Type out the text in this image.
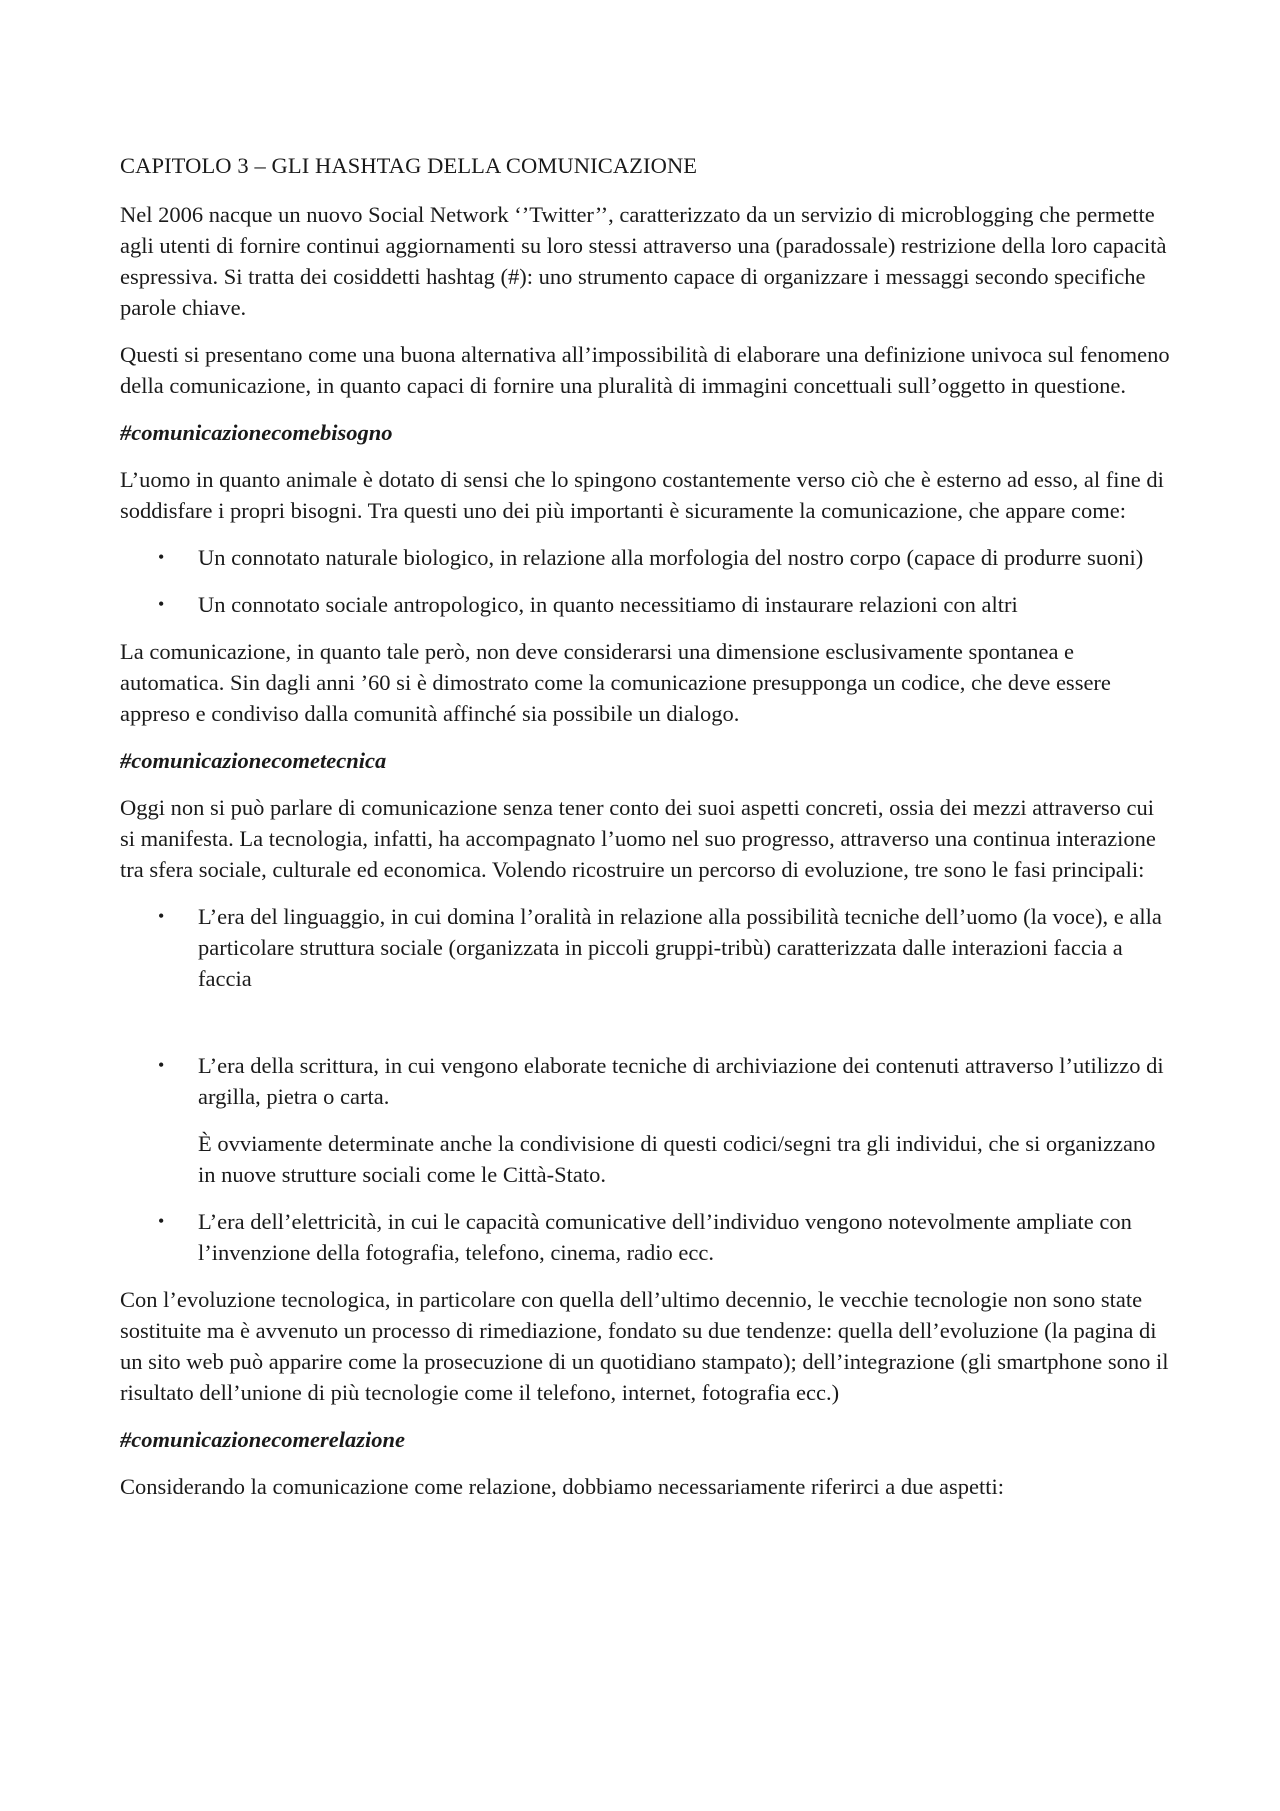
CAPITOLO 3 – GLI HASHTAG DELLA COMUNICAZIONE

Nel 2006 nacque un nuovo Social Network ‘’Twitter’’, caratterizzato da un servizio di microblogging che permette agli utenti di fornire continui aggiornamenti su loro stessi attraverso una (paradossale) restrizione della loro capacità espressiva. Si tratta dei cosiddetti hashtag (#): uno strumento capace di organizzare i messaggi secondo specifiche parole chiave.

Questi si presentano come una buona alternativa all’impossibilità di elaborare una definizione univoca sul fenomeno della comunicazione, in quanto capaci di fornire una pluralità di immagini concettuali sull’oggetto in questione.

#comunicazionecomebisogno

L’uomo in quanto animale è dotato di sensi che lo spingono costantemente verso ciò che è esterno ad esso, al fine di soddisfare i propri bisogni. Tra questi uno dei più importanti è sicuramente la comunicazione, che appare come:

• Un connotato naturale biologico, in relazione alla morfologia del nostro corpo (capace di produrre suoni)
• Un connotato sociale antropologico, in quanto necessitiamo di instaurare relazioni con altri

La comunicazione, in quanto tale però, non deve considerarsi una dimensione esclusivamente spontanea e automatica. Sin dagli anni ’60 si è dimostrato come la comunicazione presupponga un codice, che deve essere appreso e condiviso dalla comunità affinché sia possibile un dialogo.

#comunicazionecometecnica

Oggi non si può parlare di comunicazione senza tener conto dei suoi aspetti concreti, ossia dei mezzi attraverso cui si manifesta. La tecnologia, infatti, ha accompagnato l’uomo nel suo progresso, attraverso una continua interazione tra sfera sociale, culturale ed economica. Volendo ricostruire un percorso di evoluzione, tre sono le fasi principali:

• L’era del linguaggio, in cui domina l’oralità in relazione alla possibilità tecniche dell’uomo (la voce), e alla particolare struttura sociale (organizzata in piccoli gruppi-tribù) caratterizzata dalle interazioni faccia a faccia
• L’era della scrittura, in cui vengono elaborate tecniche di archiviazione dei contenuti attraverso l’utilizzo di argilla, pietra o carta.
È ovviamente determinate anche la condivisione di questi codici/segni tra gli individui, che si organizzano in nuove strutture sociali come le Città-Stato.
• L’era dell’elettricità, in cui le capacità comunicative dell’individuo vengono notevolmente ampliate con l’invenzione della fotografia, telefono, cinema, radio ecc.

Con l’evoluzione tecnologica, in particolare con quella dell’ultimo decennio, le vecchie tecnologie non sono state sostituite ma è avvenuto un processo di rimediazione, fondato su due tendenze: quella dell’evoluzione (la pagina di un sito web può apparire come la prosecuzione di un quotidiano stampato); dell’integrazione (gli smartphone sono il risultato dell’unione di più tecnologie come il telefono, internet, fotografia ecc.)

#comunicazionecomerelazione

Considerando la comunicazione come relazione, dobbiamo necessariamente riferirci a due aspetti:
